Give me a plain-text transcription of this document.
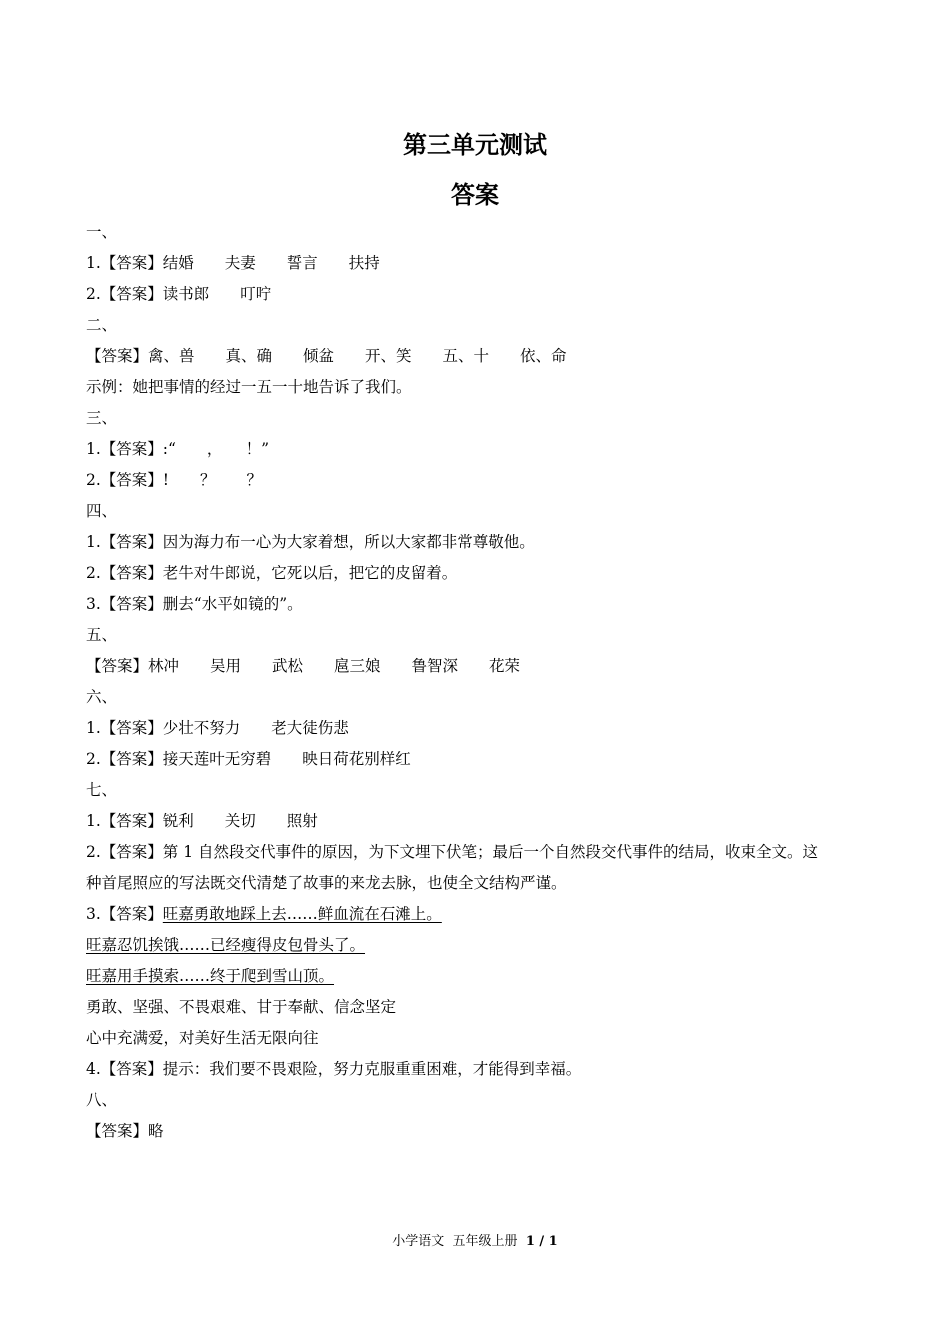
第三单元测试
答案
一、
1.【答案】结婚　　夫妻　　誓言　　扶持
2.【答案】读书郎　　叮咛
二、
【答案】禽、兽　　真、确　　倾盆　　开、笑　　五、十　　依、命
示例：她把事情的经过一五一十地告诉了我们。
三、
1.【答案】:“　　，　　！”
2.【答案】!　　？　　？
四、
1.【答案】因为海力布一心为大家着想，所以大家都非常尊敬他。
2.【答案】老牛对牛郎说，它死以后，把它的皮留着。
3.【答案】删去“水平如镜的”。
五、
【答案】林冲　　吴用　　武松　　扈三娘　　鲁智深　　花荣
六、
1.【答案】少壮不努力　　老大徒伤悲
2.【答案】接天莲叶无穷碧　　映日荷花别样红
七、
1.【答案】锐利　　关切　　照射
2.【答案】第 1 自然段交代事件的原因，为下文埋下伏笔；最后一个自然段交代事件的结局，收束全文。这
种首尾照应的写法既交代清楚了故事的来龙去脉，也使全文结构严谨。
3.【答案】旺嘉勇敢地踩上去……鲜血流在石滩上。
旺嘉忍饥挨饿……已经瘦得皮包骨头了。
旺嘉用手摸索……终于爬到雪山顶。
勇敢、坚强、不畏艰难、甘于奉献、信念坚定
心中充满爱，对美好生活无限向往
4.【答案】提示：我们要不畏艰险，努力克服重重困难，才能得到幸福。
八、
【答案】略
小学语文 五年级上册 1 / 1
